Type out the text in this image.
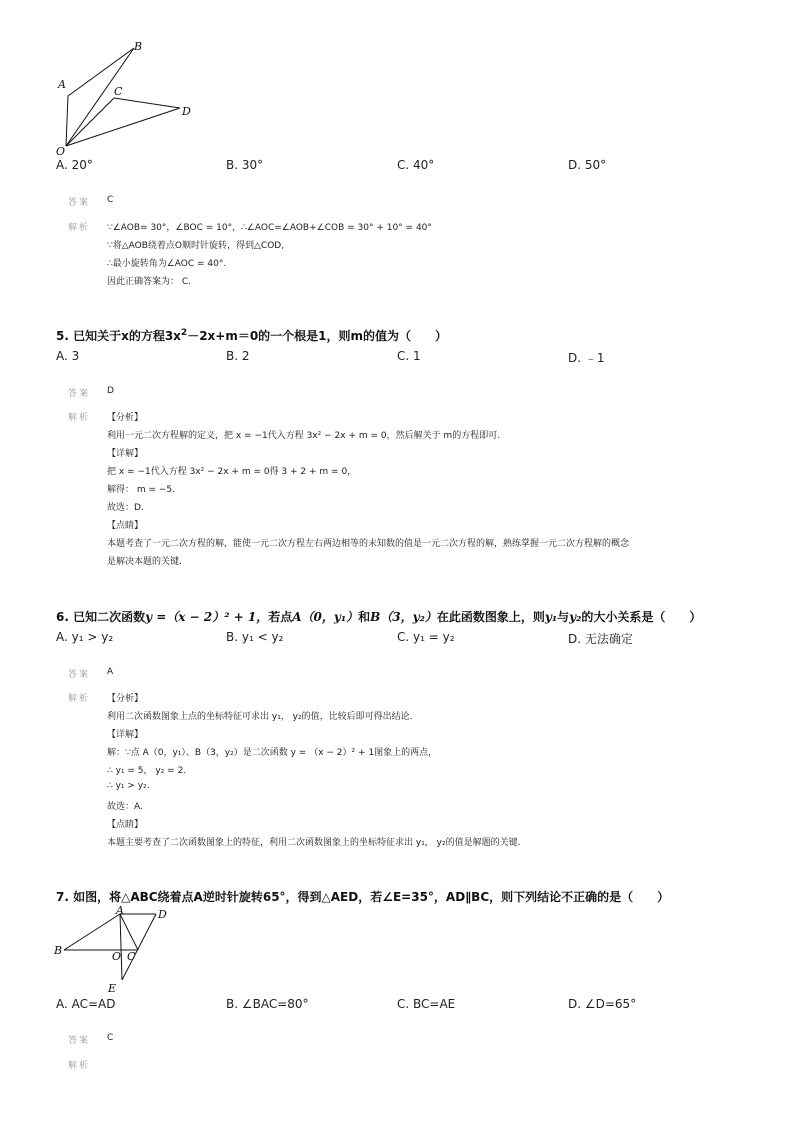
A
B
C
D
O
A. 20°	B. 30°	C. 40°	D. 50°
答案 C
解析 ∵∠AOB= 30°，∠BOC = 10°，∴∠AOC=∠AOB+∠COB = 30° + 10° = 40°
∵将△AOB绕着点O顺时针旋转，得到△COD,
∴最小旋转角为∠AOC = 40°.
因此正确答案为： C.
5. 已知关于x的方程$3x^2-2x+m=0$的一个根是1，则m的值为（　　）
A. 3	B. 2	C. 1	D. ﹣1
答案 D
解析 【分析】
利用一元二次方程解的定义，把 x = −1代入方程 3x² − 2x + m = 0，然后解关于 m的方程即可.
【详解】
把 x = −1代入方程 3x² − 2x + m = 0得 3 + 2 + m = 0，
解得： m = −5.
故选：D.
【点睛】
本题考查了一元二次方程的解，能使一元二次方程左右两边相等的未知数的值是一元二次方程的解，熟练掌握一元二次方程解的概念
是解决本题的关键.
6. 已知二次函数y =（x − 2）² + 1，若点A（0，y₁）和B（3，y₂）在此函数图象上，则y₁与y₂的大小关系是（　　）
A. y₁ > y₂	B. y₁ < y₂	C. y₁ = y₂	D. 无法确定
答案 A
解析 【分析】
利用二次函数图象上点的坐标特征可求出 y₁， y₂的值，比较后即可得出结论.
【详解】
解：∵点 A（0，y₁）、B（3，y₂）是二次函数 y = （x − 2）² + 1图象上的两点，
∴ y₁ = 5， y₂ = 2.
∴ y₁ > y₂.
故选：A.
【点睛】
本题主要考查了二次函数图象上的特征，利用二次函数图象上的坐标特征求出 y₁， y₂的值是解题的关键.
7. 如图，将△ABC绕着点A逆时针旋转65°，得到△AED，若∠E=35°，AD∥BC，则下列结论不正确的是（　　）
A	D
B	O C
E
A. AC=AD	B. ∠BAC=80°	C. BC=AE	D. ∠D=65°
答案 C
解析
